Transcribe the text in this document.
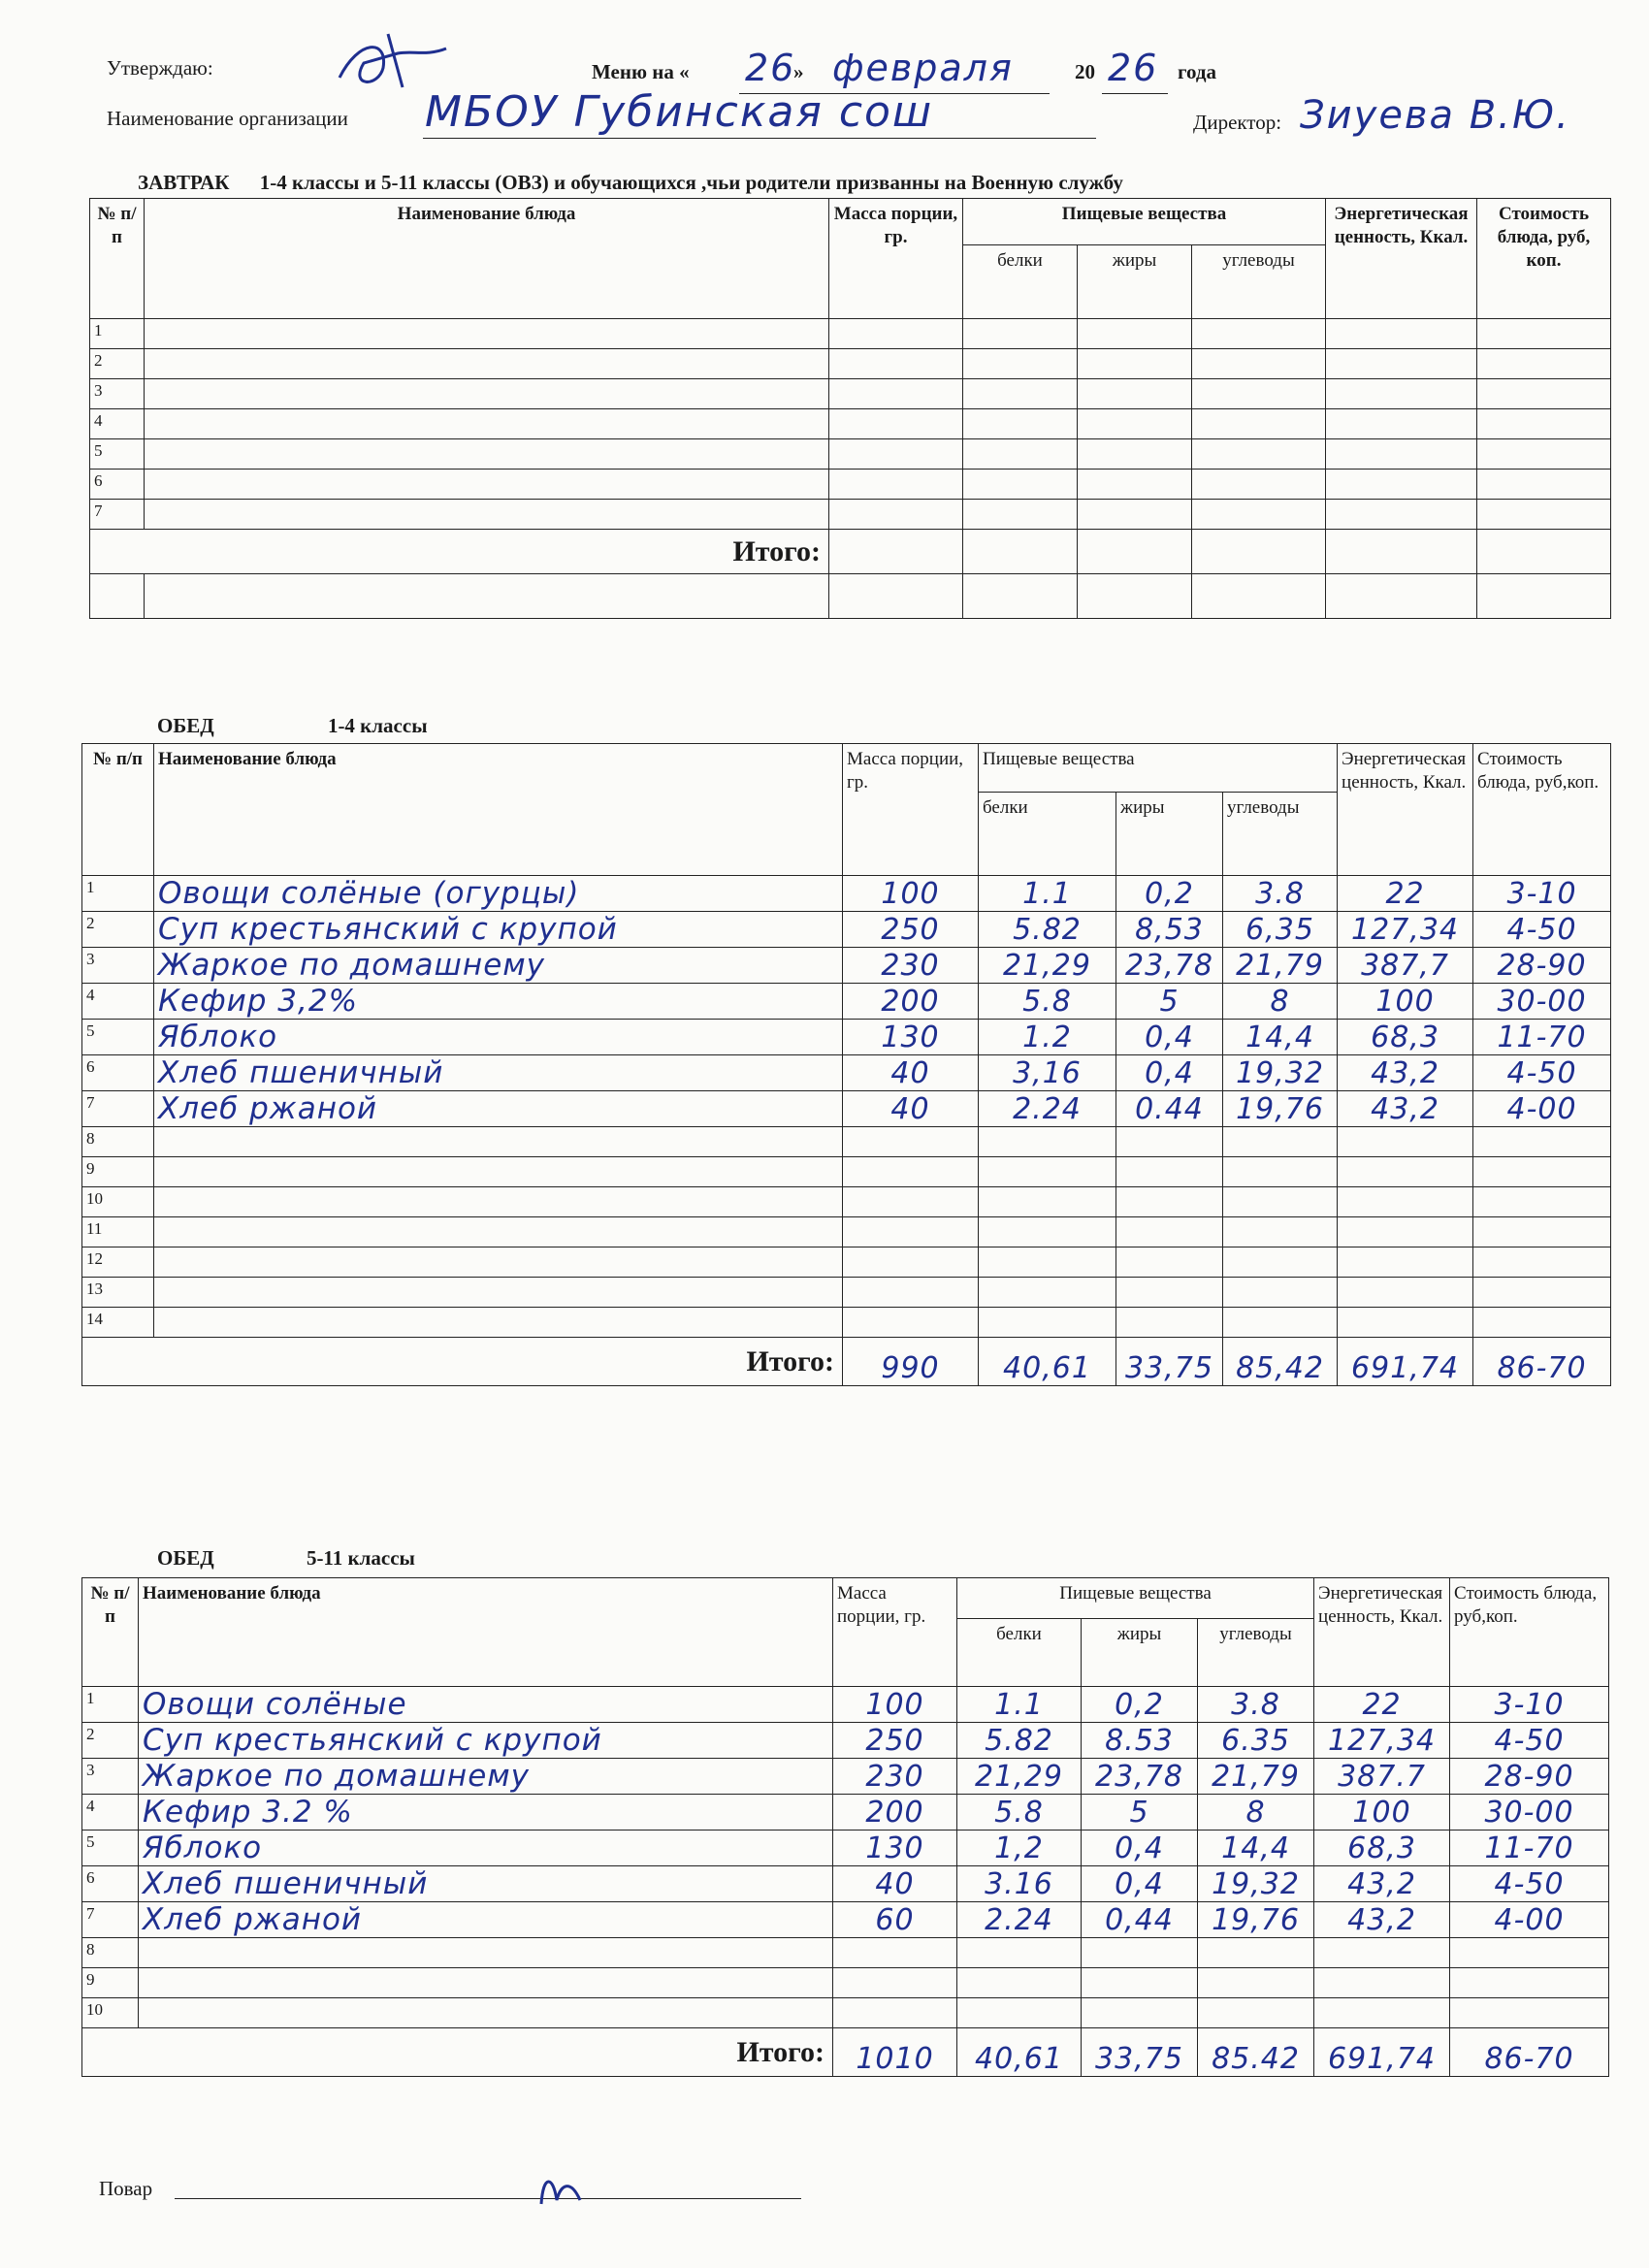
Утверждаю:	Меню на « 26
» февраля	20 26 года
Наименование организации МБОУ Губинская сош	Директор: Зиуева В.Ю.
ЗАВТРАК 1-4 классы и 5-11 классы (ОВЗ) и обучающихся ,чьи родители призванны на Военную службу
№ п/п	Наименование блюда	Масса порции, гр.	Пищевые вещества			Энергетическая ценность, Ккал.	Стоимость блюда, руб, коп.
			белки	жиры	углеводы		
1							
2							
3							
4							
5							
6							
7							
Итого:							

ОБЕД	1-4 классы
№ п/п	Наименование блюда	Масса порции, гр.	Пищевые вещества			Энергетическая ценность, Ккал.	Стоимость блюда, руб,коп.
			белки	жиры	углеводы		
1	Овощи солёные (огурцы)	100	1.1	0,2	3.8	22	3-10
2	Суп крестьянский с крупой	250	5.82	8,53	6,35	127,34	4-50
3	Жаркое по домашнему	230	21,29	23,78	21,79	387,7	28-90
4	Кефир 3,2%	200	5.8	5	8	100	30-00
5	Яблоко	130	1.2	0,4	14,4	68,3	11-70
6	Хлеб пшеничный	40	3,16	0,4	19,32	43,2	4-50
7	Хлеб ржаной	40	2.24	0.44	19,76	43,2	4-00
8							
9							
10							
11							
12							
13							
14							
Итого:		990	40,61	33,75	85,42	691,74	86-70
ОБЕД	5-11 классы
№ п/п	Наименование блюда	Масса порции, гр.	Пищевые вещества			Энергетическая ценность, Ккал.	Стоимость блюда, руб,коп.
			белки	жиры	углеводы		
1	Овощи солёные	100	1.1	0,2	3.8	22	3-10
2	Суп крестьянский с крупой	250	5.82	8.53	6.35	127,34	4-50
3	Жаркое по домашнему	230	21,29	23,78	21,79	387.7	28-90
4	Кефир 3.2 %	200	5.8	5	8	100	30-00
5	Яблоко	130	1,2	0,4	14,4	68,3	11-70
6	Хлеб пшеничный	40	3.16	0,4	19,32	43,2	4-50
7	Хлеб ржаной	60	2.24	0,44	19,76	43,2	4-00
8							
9							
10							
Итого:		1010	40,61	33,75	85.42	691,74	86-70
Повар
